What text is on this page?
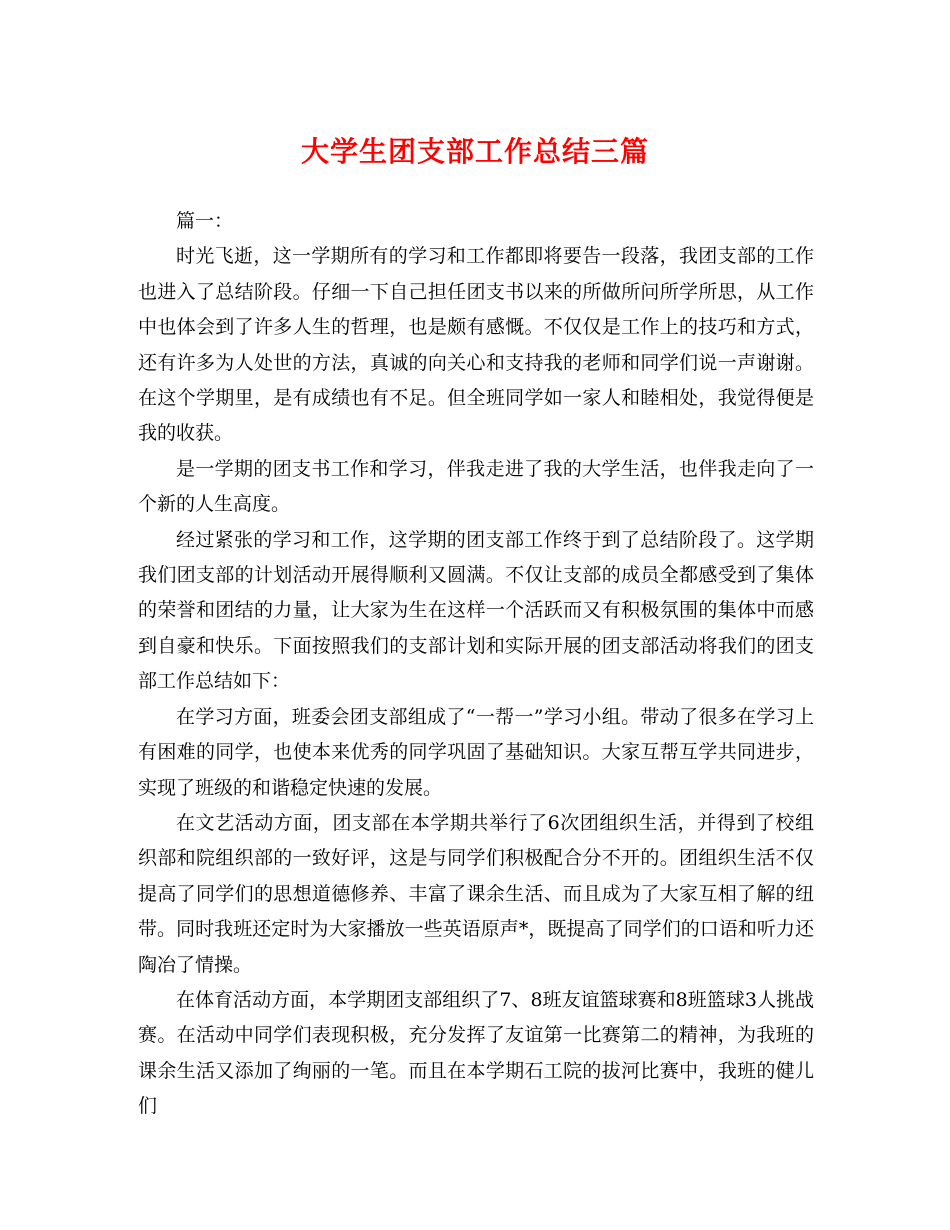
大学生团支部工作总结三篇

篇一：

时光飞逝，这一学期所有的学习和工作都即将要告一段落，我团支部的工作也进入了总结阶段。仔细一下自己担任团支书以来的所做所问所学所思，从工作中也体会到了许多人生的哲理，也是颇有感慨。不仅仅是工作上的技巧和方式，还有许多为人处世的方法，真诚的向关心和支持我的老师和同学们说一声谢谢。在这个学期里，是有成绩也有不足。但全班同学如一家人和睦相处，我觉得便是我的收获。

是一学期的团支书工作和学习，伴我走进了我的大学生活，也伴我走向了一个新的人生高度。

经过紧张的学习和工作，这学期的团支部工作终于到了总结阶段了。这学期我们团支部的计划活动开展得顺利又圆满。不仅让支部的成员全都感受到了集体的荣誉和团结的力量，让大家为生在这样一个活跃而又有积极氛围的集体中而感到自豪和快乐。下面按照我们的支部计划和实际开展的团支部活动将我们的团支部工作总结如下：

在学习方面，班委会团支部组成了“一帮一”学习小组。带动了很多在学习上有困难的同学，也使本来优秀的同学巩固了基础知识。大家互帮互学共同进步，实现了班级的和谐稳定快速的发展。

在文艺活动方面，团支部在本学期共举行了6次团组织生活，并得到了校组织部和院组织部的一致好评，这是与同学们积极配合分不开的。团组织生活不仅提高了同学们的思想道德修养、丰富了课余生活、而且成为了大家互相了解的纽带。同时我班还定时为大家播放一些英语原声*，既提高了同学们的口语和听力还陶冶了情操。

在体育活动方面，本学期团支部组织了7、8班友谊篮球赛和8班篮球3人挑战赛。在活动中同学们表现积极，充分发挥了友谊第一比赛第二的精神，为我班的课余生活又添加了绚丽的一笔。而且在本学期石工院的拔河比赛中，我班的健儿们
